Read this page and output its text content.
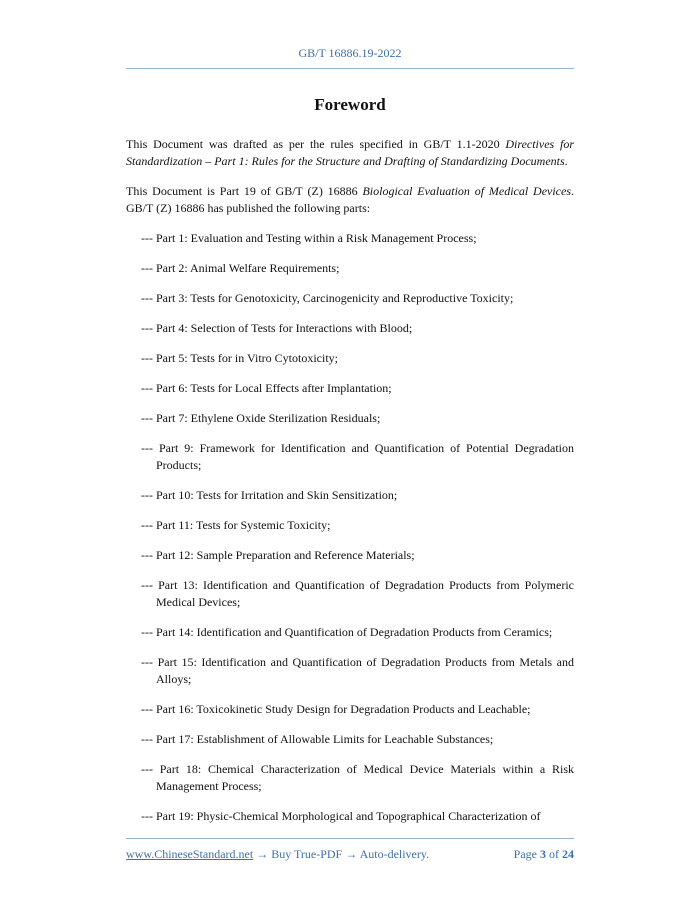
GB/T 16886.19-2022
Foreword

This Document was drafted as per the rules specified in GB/T 1.1-2020 Directives for Standardization – Part 1: Rules for the Structure and Drafting of Standardizing Documents.

This Document is Part 19 of GB/T (Z) 16886 Biological Evaluation of Medical Devices. GB/T (Z) 16886 has published the following parts:

--- Part 1: Evaluation and Testing within a Risk Management Process;
--- Part 2: Animal Welfare Requirements;
--- Part 3: Tests for Genotoxicity, Carcinogenicity and Reproductive Toxicity;
--- Part 4: Selection of Tests for Interactions with Blood;
--- Part 5: Tests for in Vitro Cytotoxicity;
--- Part 6: Tests for Local Effects after Implantation;
--- Part 7: Ethylene Oxide Sterilization Residuals;
--- Part 9: Framework for Identification and Quantification of Potential Degradation Products;
--- Part 10: Tests for Irritation and Skin Sensitization;
--- Part 11: Tests for Systemic Toxicity;
--- Part 12: Sample Preparation and Reference Materials;
--- Part 13: Identification and Quantification of Degradation Products from Polymeric Medical Devices;
--- Part 14: Identification and Quantification of Degradation Products from Ceramics;
--- Part 15: Identification and Quantification of Degradation Products from Metals and Alloys;
--- Part 16: Toxicokinetic Study Design for Degradation Products and Leachable;
--- Part 17: Establishment of Allowable Limits for Leachable Substances;
--- Part 18: Chemical Characterization of Medical Device Materials within a Risk Management Process;
--- Part 19: Physic-Chemical Morphological and Topographical Characterization of
www.ChineseStandard.net → Buy True-PDF → Auto-delivery.	Page 3 of 24
